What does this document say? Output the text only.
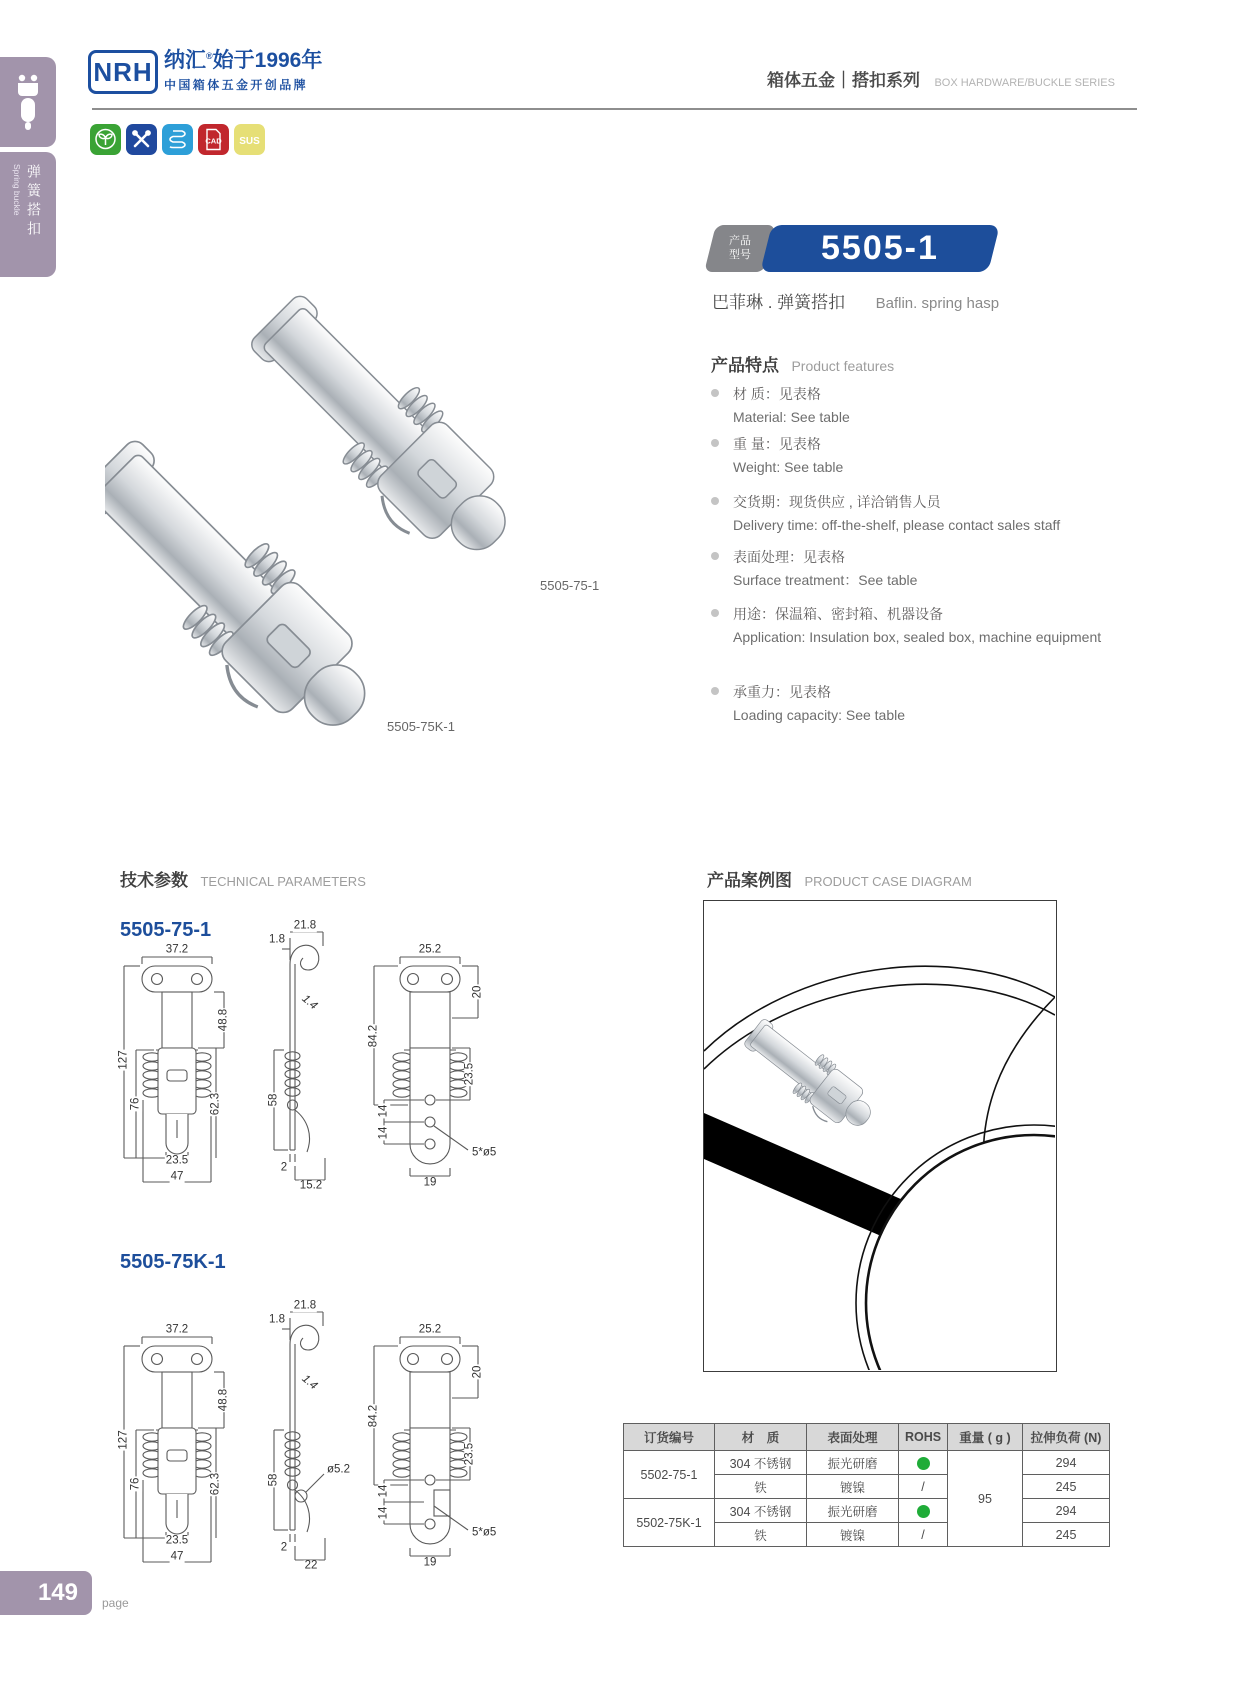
Spring buckle 弹簧搭扣
NRH 纳汇®始于1996年
中国箱体五金开创品牌	箱体五金｜搭扣系列 BOX HARDWARE/BUCKLE SERIES
CAD SUS
5505-75-1
5505-75K-1
产品
型号 5505-1
巴菲琳 . 弹簧搭扣 Baflin. spring hasp
产品特点 Product features
材 质：见表格
Material: See table
重 量：见表格
Weight: See table
交货期：现货供应 , 详洽销售人员
Delivery time: off-the-shelf, please contact sales staff
表面处理：见表格
Surface treatment：See table
用途：保温箱、密封箱、机器设备
Application: Insulation box, sealed box, machine equipment
承重力：见表格
Loading capacity: See table
技术参数 TECHNICAL PARAMETERS	产品案例图 PRODUCT CASE DIAGRAM
5505-75-1
37.2
127
76
48.8
62.3
23.5
47
21.8
1.8
1.4
58
2
15.2
25.2
20
84.2
23.5
14
14
5*ø5
19
5505-75K-1
37.2
127
76
48.8
62.3
23.5
47
21.8
1.8
1.4
58
ø5.2
2
22
25.2
20
84.2
23.5
14
14
5*ø5
19
订货编号	材　质	表面处理	ROHS	重量 ( g )	拉伸负荷 (N)
5502-75-1	304 不锈钢	振光研磨		95	294
	铁	镀镍	/		245
5502-75K-1	304 不锈钢	振光研磨			294
	铁	镀镍	/		245
149 page
